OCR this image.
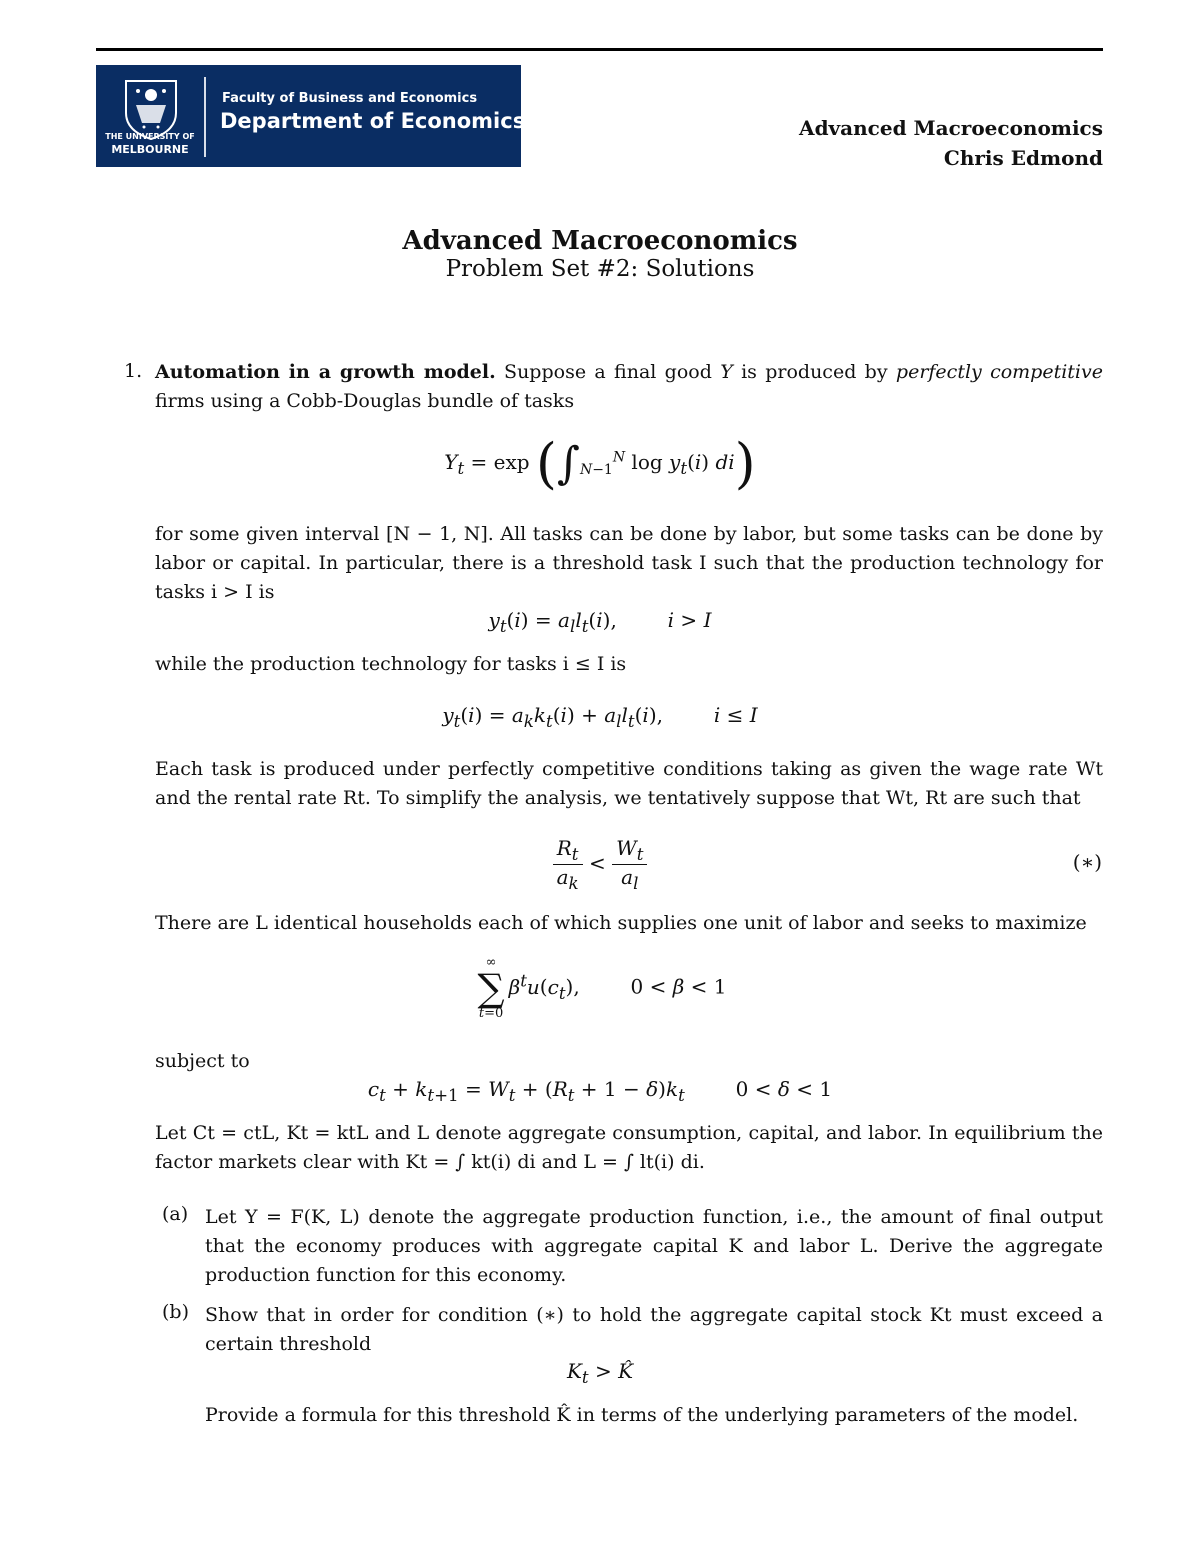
THE UNIVERSITY OF
MELBOURNE
Faculty of Business and Economics
Department of Economics	Advanced Macroeconomics
Chris Edmond
Advanced Macroeconomics
Problem Set #2: Solutions
1. Automation in a growth model. Suppose a final good Y is produced by perfectly competitive firms using a Cobb-Douglas bundle of tasks
$Y_t = \exp (\int_{N-1}^N$ $\log y_t(i)$ di)
for some given interval [N − 1, N]. All tasks can be done by labor, but some tasks can be done by labor or capital. In particular, there is a threshold task I such that the production technology for tasks i > I is
$y_t(i) = a_ll_t(i)$,        i > I
while the production technology for tasks i ≤ I is
$y_t(i) = a_kk_t(i) + a_ll_t(i)$,        i ≤ I
Each task is produced under perfectly competitive conditions taking as given the wage rate Wt and the rental rate Rt. To simplify the analysis, we tentatively suppose that Wt, Rt are such that
$\frac{R_t}{a_k} < \frac{W_t}{a_l}$	(∗)
There are L identical households each of which supplies one unit of labor and seeks to maximize
∞
∑
t=0
$\beta^tu(c_t)$,        0 < β < 1
subject to
$c_t + k_{t+1} = W_t + (R_t + 1 - \delta)k_t$        0 < δ < 1
Let Ct = ctL, Kt = ktL and L denote aggregate consumption, capital, and labor. In equilibrium the factor markets clear with Kt = ∫ kt(i) di and L = ∫ lt(i) di.
(a) Let Y = F(K, L) denote the aggregate production function, i.e., the amount of final output that the economy produces with aggregate capital K and labor L. Derive the aggregate production function for this economy.
(b) Show that in order for condition (∗) to hold the aggregate capital stock Kt must exceed a certain threshold
$K_t$ > K̂
Provide a formula for this threshold K̂ in terms of the underlying parameters of the model.
